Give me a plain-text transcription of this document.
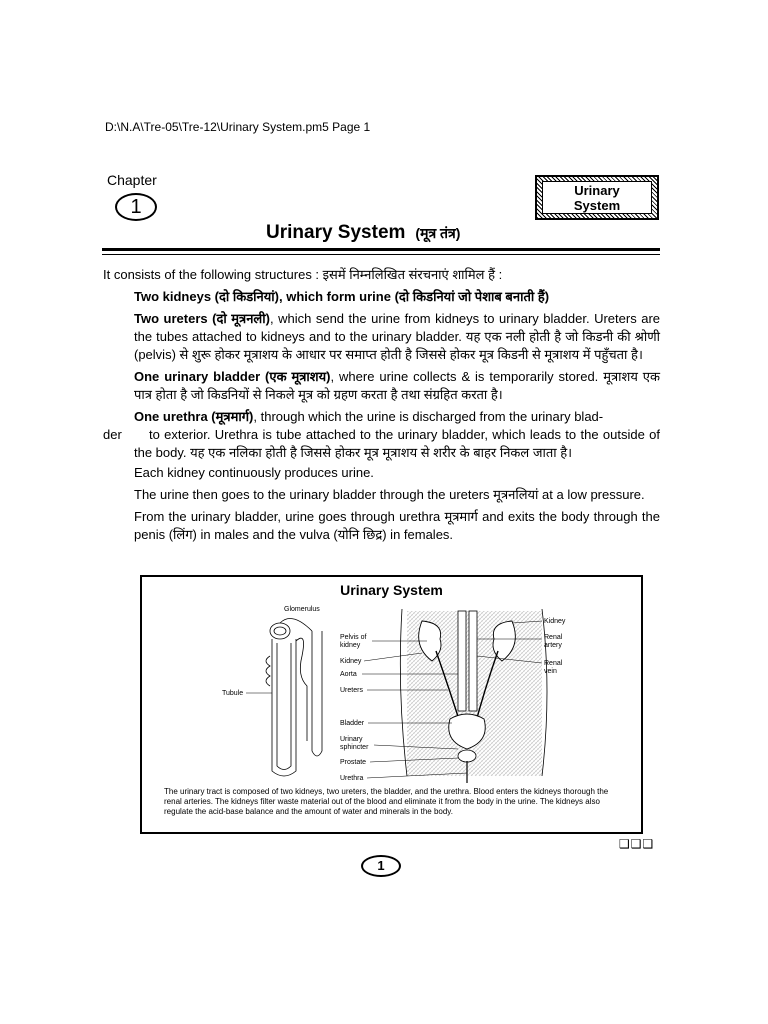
D:\N.A\Tre-05\Tre-12\Urinary System.pm5 Page 1
Chapter
1
Urinary
System
Urinary System (मूत्र तंत्र)

It consists of the following structures : इसमें निम्नलिखित संरचनाएं शामिल हैं :

Two kidneys (दो किडनियां), which form urine (दो किडनियां जो पेशाब बनाती हैं)

Two ureters (दो मूत्रनली), which send the urine from kidneys to urinary bladder. Ureters are the tubes attached to kidneys and to the urinary bladder. यह एक नली होती है जो किडनी की श्रोणी (pelvis) से शुरू होकर मूत्राशय के आधार पर समाप्त होती है जिससे होकर मूत्र किडनी से मूत्राशय में पहुँचता है।

One urinary bladder (एक मूत्राशय), where urine collects & is temporarily stored. मूत्राशय एक पात्र होता है जो किडनियों से निकले मूत्र को ग्रहण करता है तथा संग्रहित करता है।

One urethra (मूत्रमार्ग), through which the urine is discharged from the urinary blad-
der to exterior. Urethra is tube attached to the urinary bladder, which leads to the outside of the body. यह एक नलिका होती है जिससे होकर मूत्र मूत्राशय से शरीर के बाहर निकल जाता है।

Each kidney continuously produces urine.

The urine then goes to the urinary bladder through the ureters मूत्रनलियां at a low pressure.

From the urinary bladder, urine goes through urethra मूत्रमार्ग and exits the body through the penis (लिंग) in males and the vulva (योनि छिद्र) in females.

Urinary System
Glomerulus
Tubule
Pelvis of
kidney
Kidney
Aorta
Ureters
Bladder
Urinary
sphincter
Prostate
Urethra
Kidney
Renal
artery
Renal
vein
The urinary tract is composed of two kidneys, two ureters, the bladder, and the urethra. Blood enters the kidneys thorough the renal arteries. The kidneys filter waste material out of the blood and eliminate it from the body in the urine. The kidneys also regulate the acid-base balance and the amount of water and minerals in the body.
❑❑❑
1
